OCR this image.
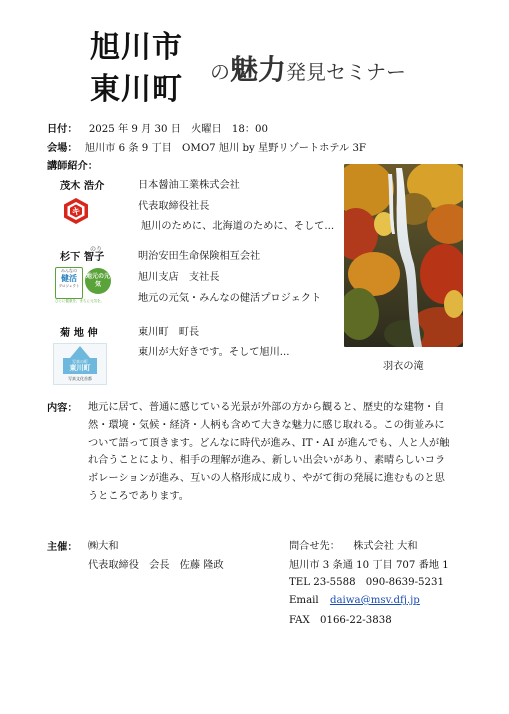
旭川市
東川町 の魅力発見セミナー
日付： 2025 年 9 月 30 日　火曜日　18：00
会場： 旭川市 6 条 9 丁目　OMO7 旭川 by 星野リゾートホテル 3F
講師紹介：
茂木 浩介
キ
日本醤油工業株式会社
代表取締役社長
旭川のために、北海道のために、そして...
のり
杉下 智子
みんなの
健活
プロジェクト
地元の元気
ひとに健康を、まちに元気を。
明治安田生命保険相互会社
旭川支店　支社長
地元の元気・みんなの健活プロジェクト
菊 地 伸
写真の町
東川町
写真文化首都
東川町　町長
東川が大好きです。そして旭川...
羽衣の滝
内容： 地元に居て、普通に感じている光景が外部の方から観ると、歴史的な建物・自
然・環境・気候・経済・人柄も含めて大きな魅力に感じ取れる。この街並みに
ついて語って頂きます。どんなに時代が進み、IT・AI が進んでも、人と人が触
れ合うことにより、相手の理解が進み、新しい出会いがあり、素晴らしいコラ
ボレーションが進み、互いの人格形成に成り、やがて街の発展に進むものと思
うところであります。
主催： ㈱大和
代表取締役　会長　佐藤 隆政
問合せ先： 株式会社 大和
旭川市 3 条通 10 丁目 707 番地 1
TEL 23-5588　090-8639-5231
Email daiwa@msv.dfj.jp
FAX　0166-22-3838
